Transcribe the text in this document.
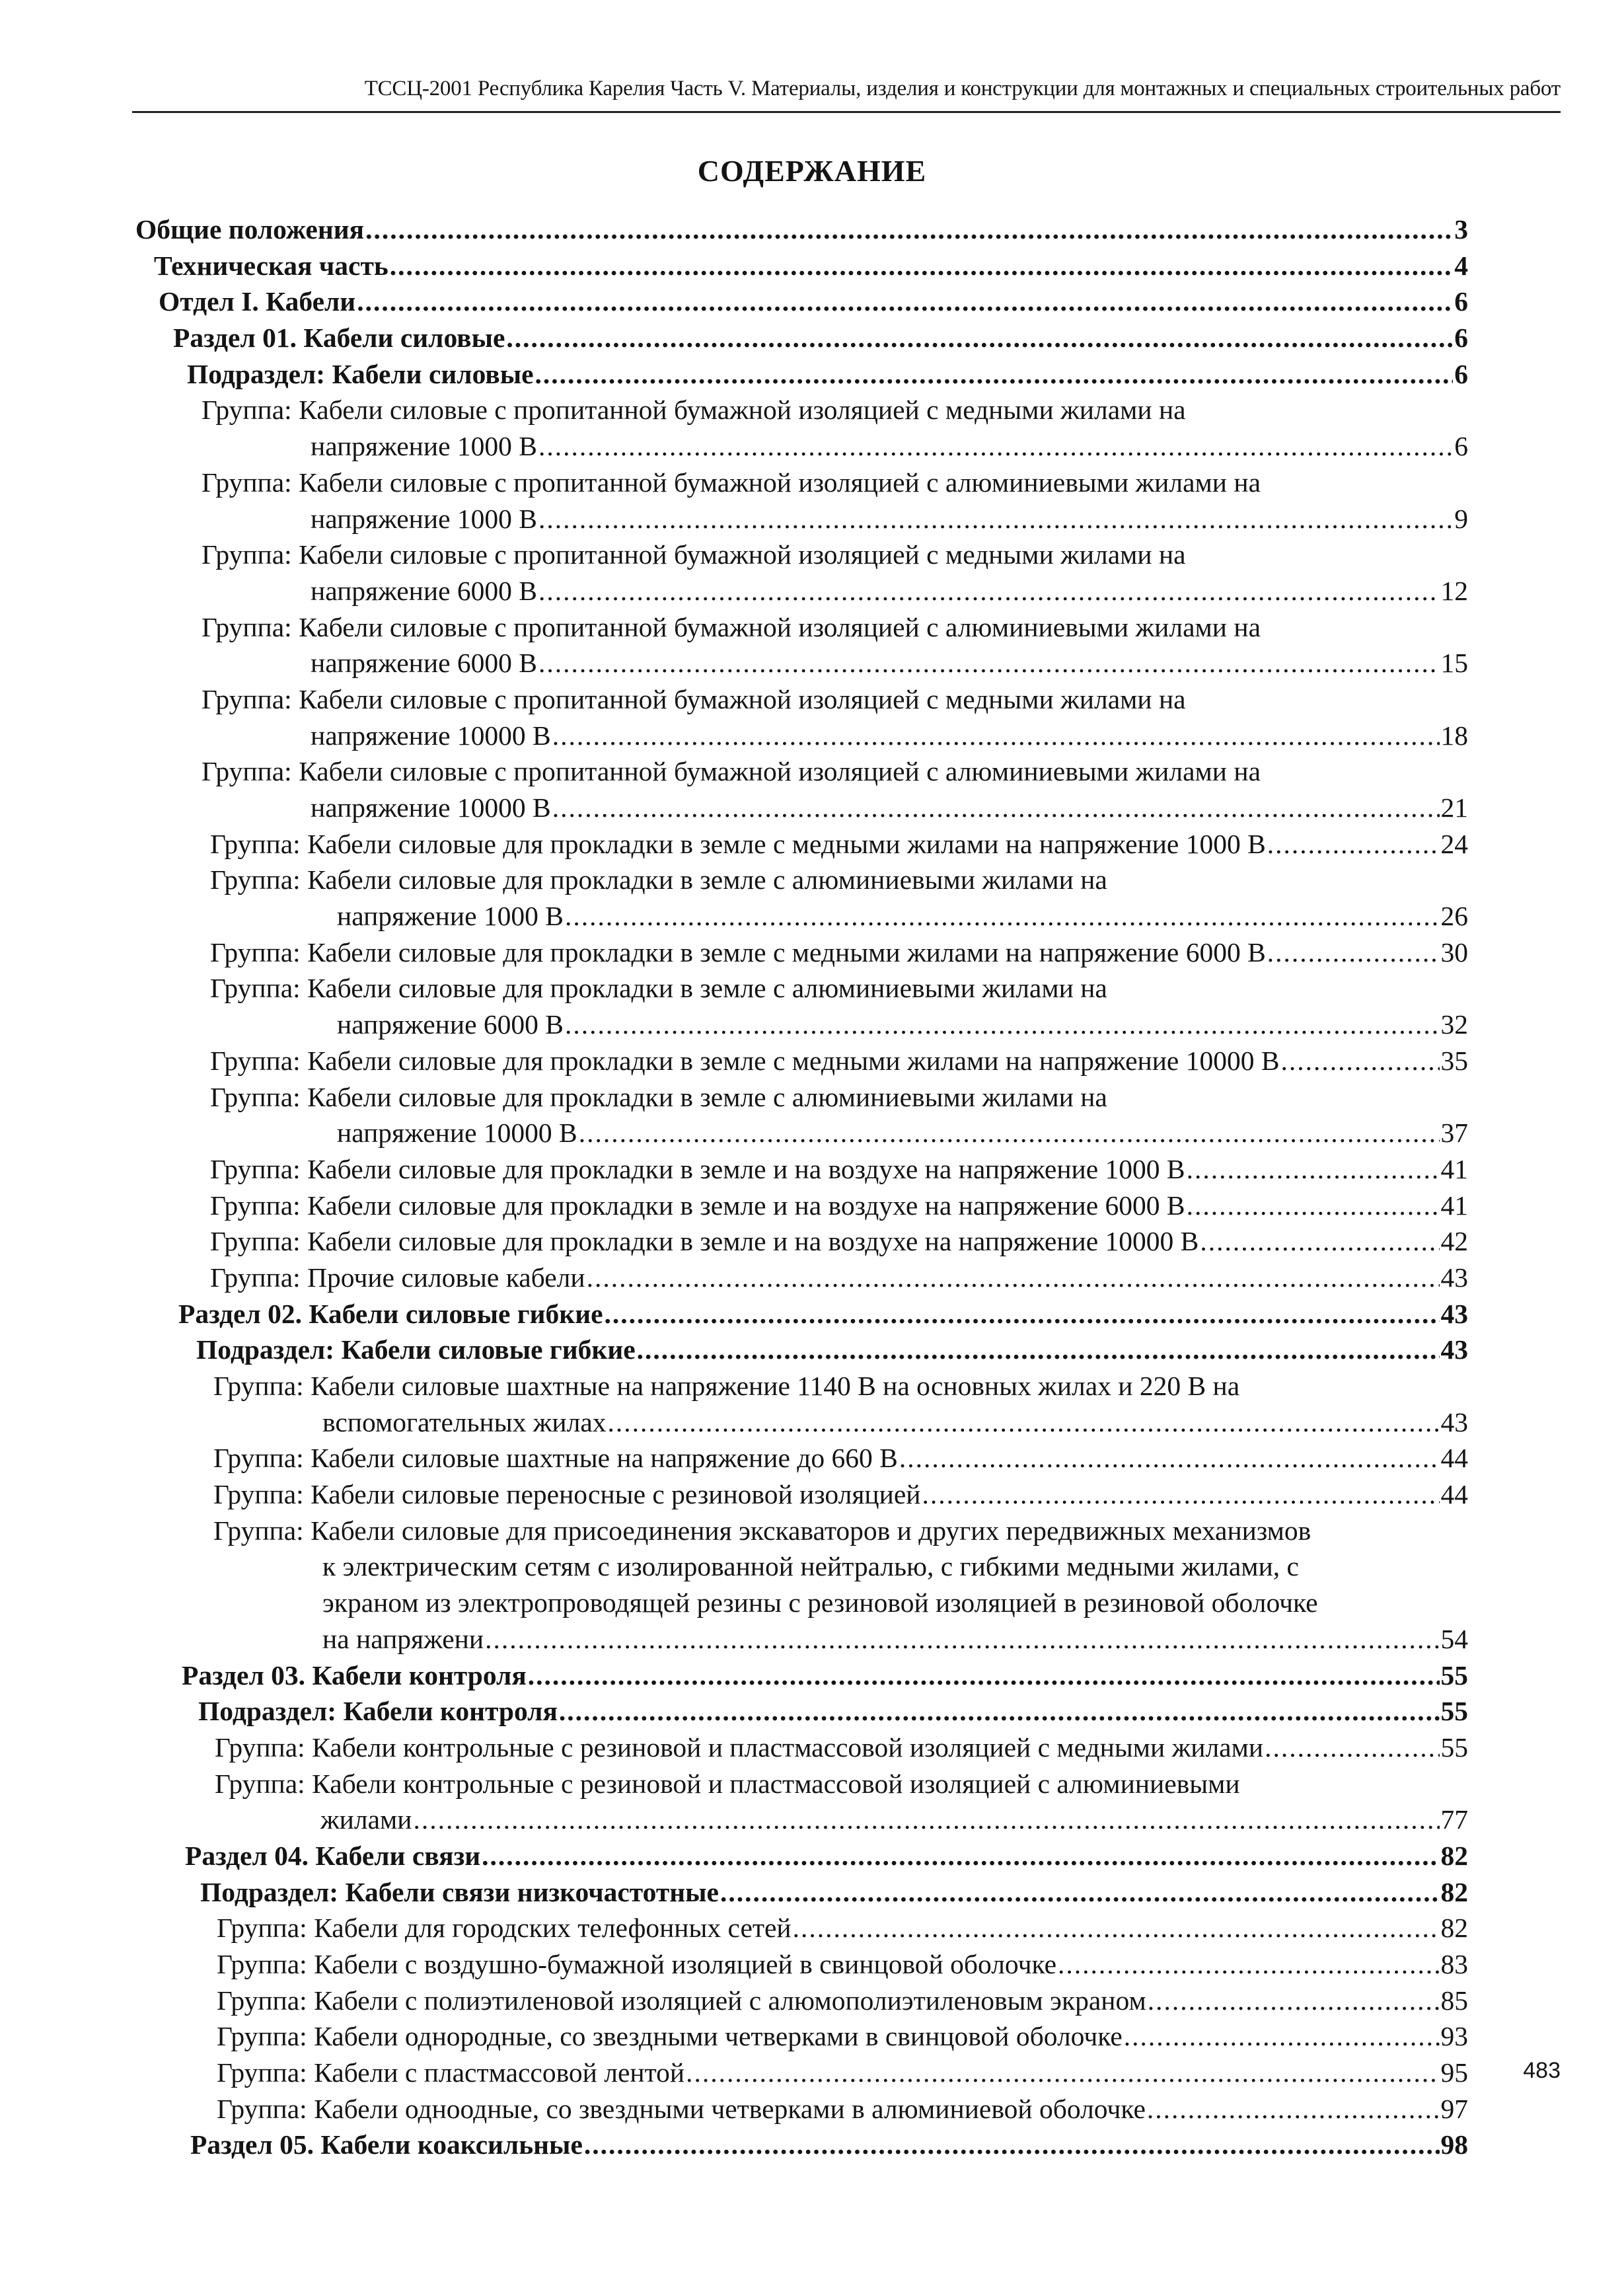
ТССЦ-2001 Республика Карелия Часть V. Материалы, изделия и конструкции для монтажных и специальных строительных работ
СОДЕРЖАНИЕ
Общие положения .....	3
Техническая часть .....	4
Отдел I. Кабели .....	6
Раздел 01. Кабели силовые .....	6
Подраздел: Кабели силовые .....	6
Группа: Кабели силовые с пропитанной бумажной изоляцией с медными жилами на
напряжение 1000 В .....	6
Группа: Кабели силовые с пропитанной бумажной изоляцией с алюминиевыми жилами на
напряжение 1000 В .....	9
Группа: Кабели силовые с пропитанной бумажной изоляцией с медными жилами на
напряжение 6000 В .....	12
Группа: Кабели силовые с пропитанной бумажной изоляцией с алюминиевыми жилами на
напряжение 6000 В .....	15
Группа: Кабели силовые с пропитанной бумажной изоляцией с медными жилами на
напряжение 10000 В .....	18
Группа: Кабели силовые с пропитанной бумажной изоляцией с алюминиевыми жилами на
напряжение 10000 В .....	21
Группа: Кабели силовые для прокладки в земле с медными жилами на напряжение 1000 В .....	24
Группа: Кабели силовые для прокладки в земле с алюминиевыми жилами на
напряжение 1000 В .....	26
Группа: Кабели силовые для прокладки в земле с медными жилами на напряжение 6000 В .....	30
Группа: Кабели силовые для прокладки в земле с алюминиевыми жилами на
напряжение 6000 В .....	32
Группа: Кабели силовые для прокладки в земле с медными жилами на напряжение 10000 В .....	35
Группа: Кабели силовые для прокладки в земле с алюминиевыми жилами на
напряжение 10000 В .....	37
Группа: Кабели силовые для прокладки в земле и на воздухе на напряжение 1000 В .....	41
Группа: Кабели силовые для прокладки в земле и на воздухе на напряжение 6000 В .....	41
Группа: Кабели силовые для прокладки в земле и на воздухе на напряжение 10000 В .....	42
Группа: Прочие силовые кабели .....	43
Раздел 02. Кабели силовые гибкие .....	43
Подраздел: Кабели силовые гибкие .....	43
Группа: Кабели силовые шахтные на напряжение 1140 В на основных жилах и 220 В на
вспомогательных жилах .....	43
Группа: Кабели силовые шахтные на напряжение до 660 В .....	44
Группа: Кабели силовые переносные с резиновой изоляцией .....	44
Группа: Кабели силовые для присоединения экскаваторов и других передвижных механизмов
к электрическим сетям с изолированной нейтралью, с гибкими медными жилами, с
экраном из электропроводящей резины с резиновой изоляцией в резиновой оболочке
на напряжени .....	54
Раздел 03. Кабели контроля .....	55
Подраздел: Кабели контроля .....	55
Группа: Кабели контрольные с резиновой и пластмассовой изоляцией с медными жилами .....	55
Группа: Кабели контрольные с резиновой и пластмассовой изоляцией с алюминиевыми
жилами .....	77
Раздел 04. Кабели связи .....	82
Подраздел: Кабели связи низкочастотные .....	82
Группа: Кабели для городских телефонных сетей .....	82
Группа: Кабели с воздушно-бумажной изоляцией в свинцовой оболочке .....	83
Группа: Кабели с полиэтиленовой изоляцией с алюмополиэтиленовым экраном .....	85
Группа: Кабели однородные, со звездными четверками в свинцовой оболочке .....	93
Группа: Кабели с пластмассовой лентой .....	95
Группа: Кабели одноодные, со звездными четверками в алюминиевой оболочке .....	97
Раздел 05. Кабели коаксильные .....	98
483
